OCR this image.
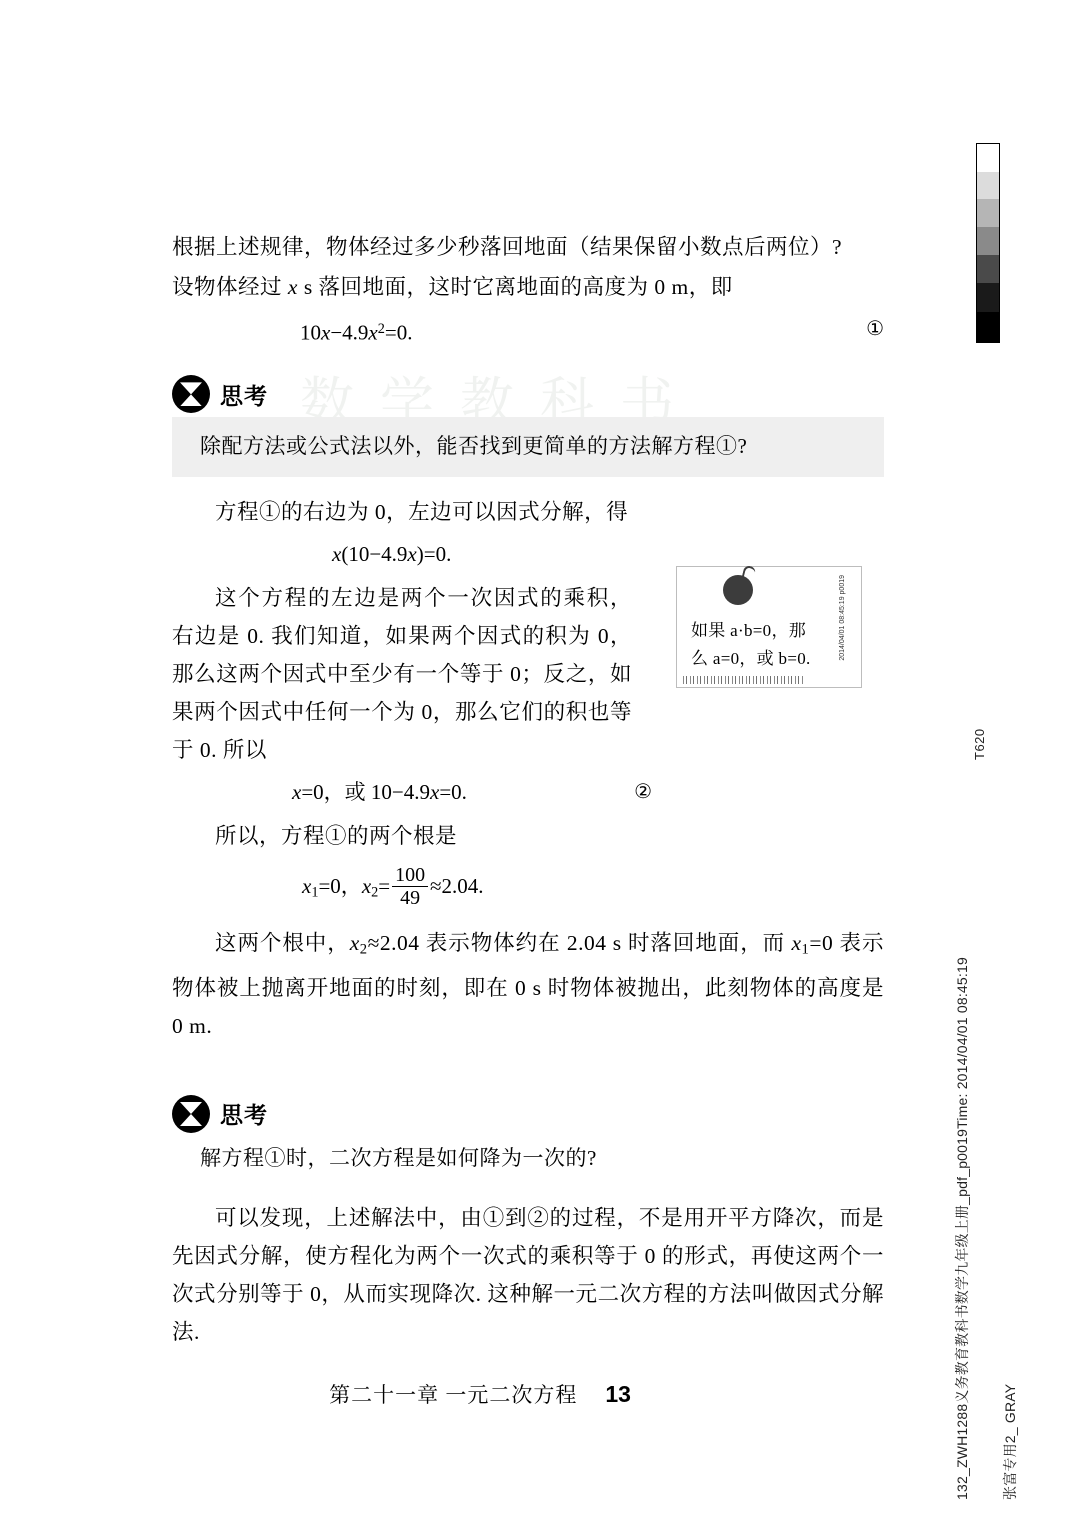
数学教科书
T620
132_ZWH1288义务教育教科书数学九年级上册_pdf_p0019Time: 2014/04/01 08:45:19 张富专用2_ GRAY

根据上述规律，物体经过多少秒落回地面（结果保留小数点后两位）?

设物体经过 x s 落回地面，这时它离地面的高度为 0 m，即

$10x-4.9x^2=0$.	①
思考
除配方法或公式法以外，能否找到更简单的方法解方程①?

方程①的右边为 0，左边可以因式分解，得

x(10−4.9x)=0.

这个方程的左边是两个一次因式的乘积，右边是 0. 我们知道，如果两个因式的积为 0，那么这两个因式中至少有一个等于 0；反之，如果两个因式中任何一个为 0，那么它们的积也等于 0. 所以

x=0，或 10−4.9x=0.	②

所以，方程①的两个根是

$x_1=0$，$x_2= \frac{100}{49} \approx 2.04$.

这两个根中，$x_2\approx 2.04$ 表示物体约在 2.04 s 时落回地面，而 $x_1=0$ 表示物体被上抛离开地面的时刻，即在 0 s 时物体被抛出，此刻物体的高度是 0 m.

思考
解方程①时，二次方程是如何降为一次的?

可以发现，上述解法中，由①到②的过程，不是用开平方降次，而是先因式分解，使方程化为两个一次式的乘积等于 0 的形式，再使这两个一次式分别等于 0，从而实现降次. 这种解一元二次方程的方法叫做因式分解法.

2014/04/01 08:45:19 p0019
如果 a·b=0，那
么 a=0，或 b=0.
第二十一章 一元二次方程 13
